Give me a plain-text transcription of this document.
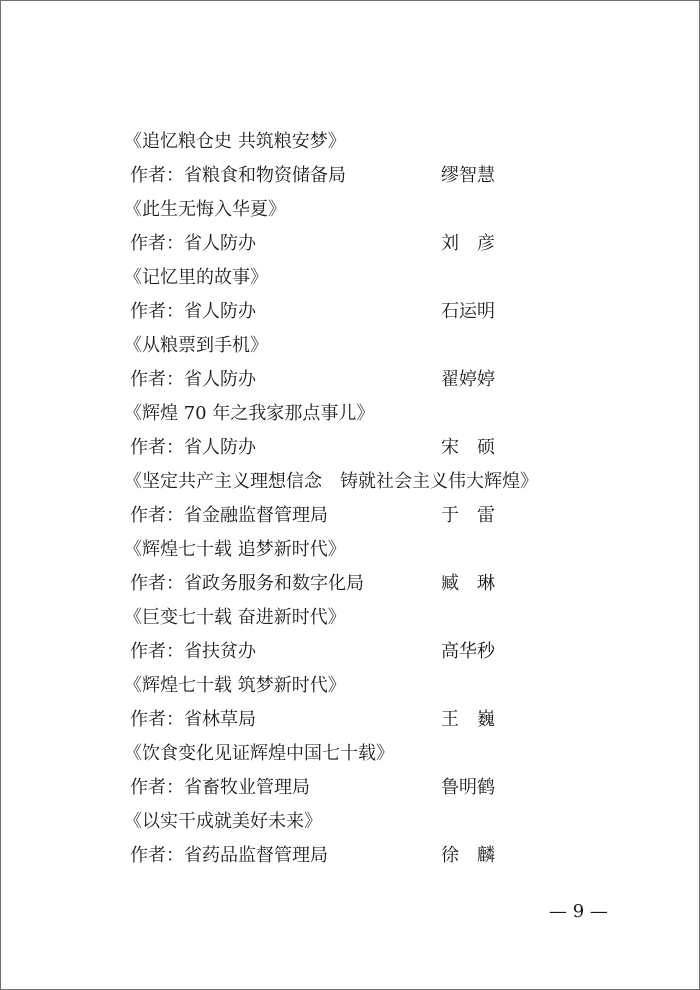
《追忆粮仓史 共筑粮安梦》
作者：省粮食和物资储备局	缪智慧
《此生无悔入华夏》
作者：省人防办	刘　彦
《记忆里的故事》
作者：省人防办	石运明
《从粮票到手机》
作者：省人防办	翟婷婷
《辉煌 70 年之我家那点事儿》
作者：省人防办	宋　硕
《坚定共产主义理想信念　铸就社会主义伟大辉煌》
作者：省金融监督管理局	于　雷
《辉煌七十载 追梦新时代》
作者：省政务服务和数字化局	臧　琳
《巨变七十载 奋进新时代》
作者：省扶贫办	高华秒
《辉煌七十载 筑梦新时代》
作者：省林草局	王　巍
《饮食变化见证辉煌中国七十载》
作者：省畜牧业管理局	鲁明鹤
《以实干成就美好未来》
作者：省药品监督管理局	徐　麟
— 9 —
